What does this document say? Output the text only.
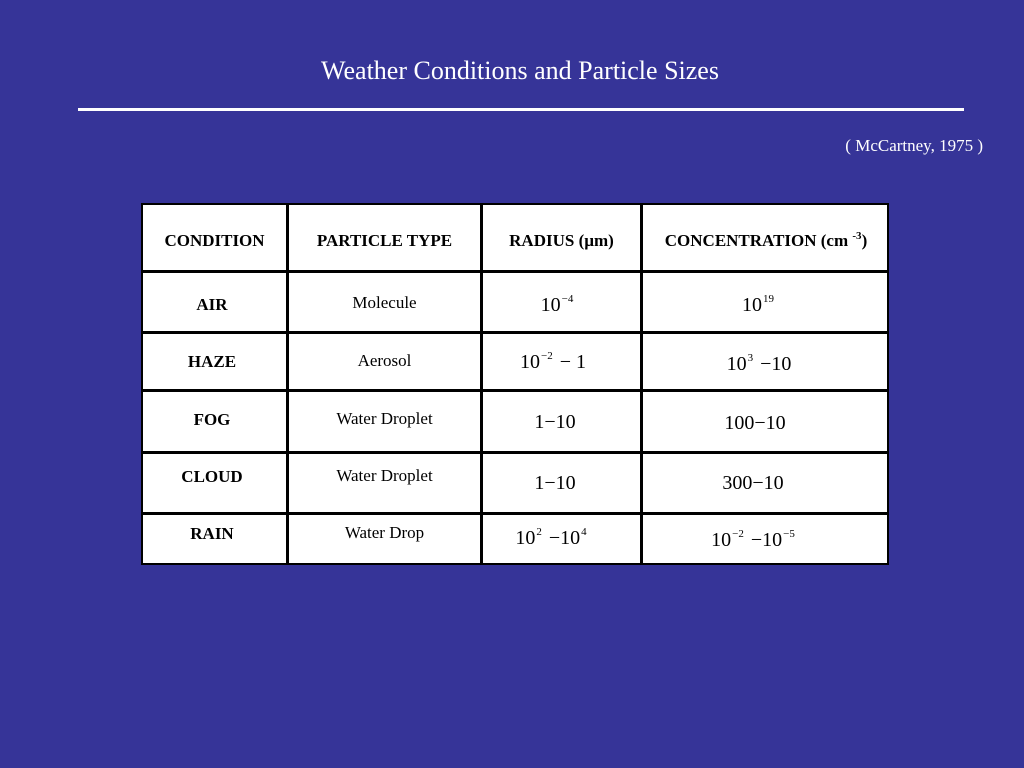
Weather Conditions and Particle Sizes
( McCartney, 1975 )
CONDITION	PARTICLE TYPE	RADIUS (µm)	CONCENTRATION (cm $^{-3}$)
AIR	Molecule	$10^{-4}$	$10^{19}$
HAZE	Aerosol	$10^{-2} - 1$	$10^3 -10$
FOG	Water Droplet	1−10	100−10
CLOUD	Water Droplet	1−10	300−10
RAIN	Water Drop	$10^2 -10^4$	$10^{-2} -10^{-5}$
